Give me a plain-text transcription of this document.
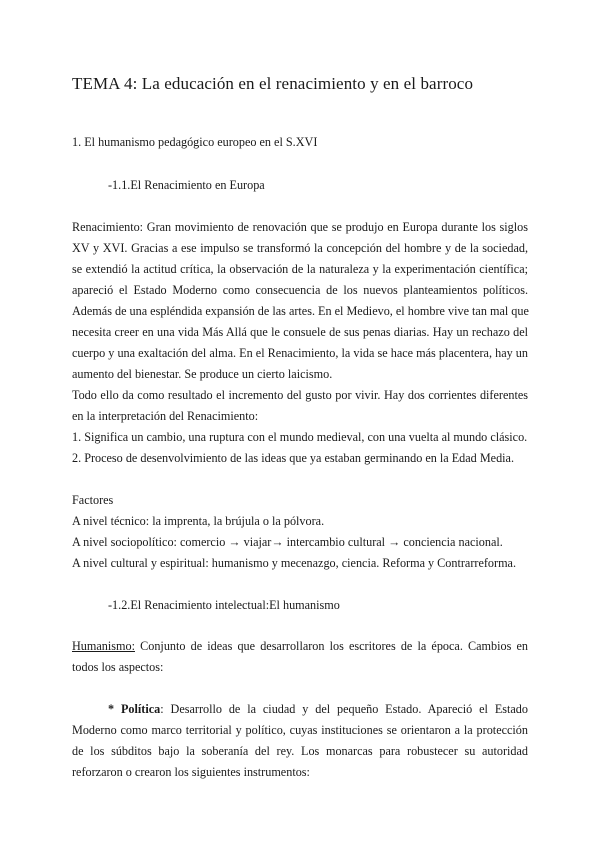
TEMA 4: La educación en el renacimiento y en el barroco
1. El humanismo pedagógico europeo en el S.XVI
-1.1.El Renacimiento en Europa
Renacimiento: Gran movimiento de renovación que se produjo en Europa durante los siglos
XV y XVI. Gracias a ese impulso se transformó la concepción del hombre y de la sociedad,
se extendió la actitud crítica, la observación de la naturaleza y la experimentación científica;
apareció el Estado Moderno como consecuencia de los nuevos planteamientos políticos.
Además de una espléndida expansión de las artes. En el Medievo, el hombre vive tan mal que
necesita creer en una vida Más Allá que le consuele de sus penas diarias. Hay un rechazo del
cuerpo y una exaltación del alma. En el Renacimiento, la vida se hace más placentera, hay un
aumento del bienestar. Se produce un cierto laicismo.
Todo ello da como resultado el incremento del gusto por vivir. Hay dos corrientes diferentes
en la interpretación del Renacimiento:
1. Significa un cambio, una ruptura con el mundo medieval, con una vuelta al mundo clásico.
2. Proceso de desenvolvimiento de las ideas que ya estaban germinando en la Edad Media.
Factores
A nivel técnico: la imprenta, la brújula o la pólvora.
A nivel sociopolítico: comercio → viajar→ intercambio cultural → conciencia nacional.
A nivel cultural y espiritual: humanismo y mecenazgo, ciencia. Reforma y Contrarreforma.
-1.2.El Renacimiento intelectual:El humanismo
Humanismo: Conjunto de ideas que desarrollaron los escritores de la época. Cambios en
todos los aspectos:
* Política: Desarrollo de la ciudad y del pequeño Estado. Apareció el Estado
Moderno como marco territorial y político, cuyas instituciones se orientaron a la protección
de los súbditos bajo la soberanía del rey. Los monarcas para robustecer su autoridad
reforzaron o crearon los siguientes instrumentos:
